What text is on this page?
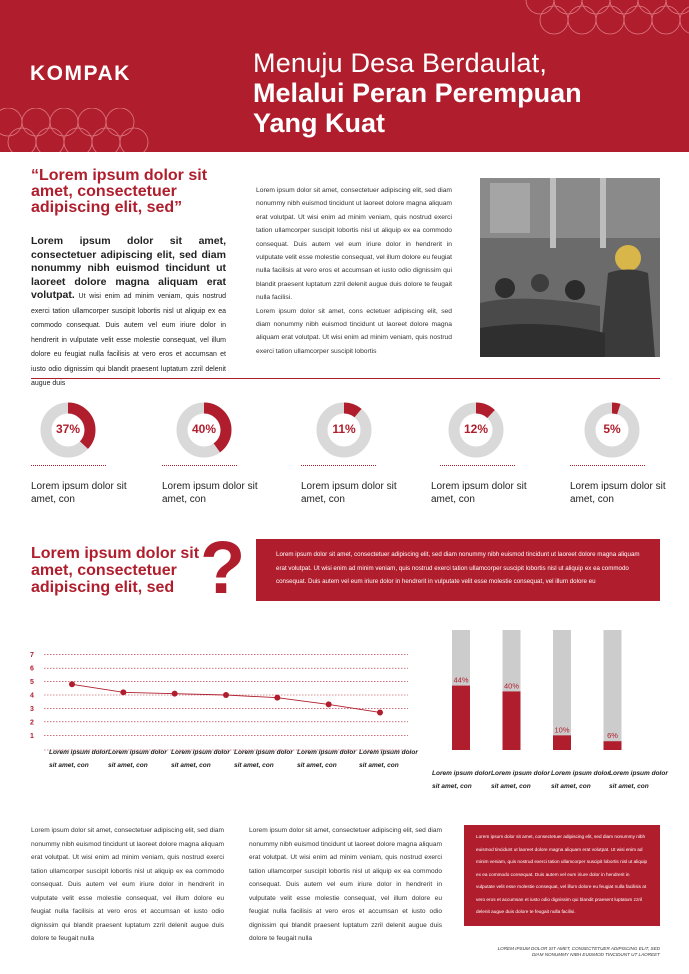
KOMPAK	Menuju Desa Berdaulat,
Melalui Peran Perempuan
Yang Kuat
“Lorem ipsum dolor sit amet, consectetuer adipiscing elit, sed”
Lorem ipsum dolor sit amet, consectetuer adipiscing elit, sed diam nonummy nibh euismod tincidunt ut laoreet dolore magna aliquam erat volutpat. Ut wisi enim ad minim veniam, quis nostrud exerci tation ullamcorper suscipit lobortis nisl ut aliquip ex ea commodo consequat. Duis autem vel eum iriure dolor in hendrerit in vulputate velit esse molestie consequat, vel illum dolore eu feugiat nulla facilisis at vero eros et accumsan et iusto odio dignissim qui blandit praesent luptatum zzril delenit augue duis

Lorem ipsum dolor sit amet, consectetuer adipiscing elit, sed diam nonummy nibh euismod tincidunt ut laoreet dolore magna aliquam erat volutpat. Ut wisi enim ad minim veniam, quis nostrud exerci tation ullamcorper suscipit lobortis nisl ut aliquip ex ea commodo consequat. Duis autem vel eum iriure dolor in hendrerit in vulputate velit esse molestie consequat, vel illum dolore eu feugiat nulla facilisis at vero eros et accumsan et iusto odio dignissim qui blandit praesent luptatum zzril delenit augue duis dolore te feugait nulla facilisi.

Lorem ipsum dolor sit amet, cons ectetuer adipiscing elit, sed diam nonummy nibh euismod tincidunt ut laoreet dolore magna aliquam erat volutpat. Ut wisi enim ad minim veniam, quis nostrud exerci tation ullamcorper suscipit lobortis

37%
Lorem ipsum dolor sit amet, con
40%
Lorem ipsum dolor sit amet, con
11%
Lorem ipsum dolor sit amet, con
12%
Lorem ipsum dolor sit amet, con
5%
Lorem ipsum dolor sit amet, con
Lorem ipsum dolor sit amet, consectetuer adipiscing elit, sed ?	Lorem ipsum dolor sit amet, consectetuer adipiscing elit, sed diam nonummy nibh euismod tincidunt ut laoreet dolore magna aliquam erat volutpat. Ut wisi enim ad minim veniam, quis nostrud exerci tation ullamcorper suscipit lobortis nisl ut aliquip ex ea commodo consequat. Duis autem vel eum iriure dolor in hendrerit in vulputate velit esse molestie consequat, vel illum dolore eu
1
2
3
4
5
6
7
Lorem ipsum dolor sit amet, con
Lorem ipsum dolor sit amet, con
Lorem ipsum dolor sit amet, con
Lorem ipsum dolor sit amet, con
Lorem ipsum dolor sit amet, con
Lorem ipsum dolor sit amet, con
44%
40%
10%
6%
Lorem ipsum dolor sit amet, con
Lorem ipsum dolor sit amet, con
Lorem ipsum dolor sit amet, con
Lorem ipsum dolor sit amet, con
Lorem ipsum dolor sit amet, consectetuer adipiscing elit, sed diam nonummy nibh euismod tincidunt ut laoreet dolore magna aliquam erat volutpat. Ut wisi enim ad minim veniam, quis nostrud exerci tation ullamcorper suscipit lobortis nisl ut aliquip ex ea commodo consequat. Duis autem vel eum iriure dolor in hendrerit in vulputate velit esse molestie consequat, vel illum dolore eu feugiat nulla facilisis at vero eros et accumsan et iusto odio dignissim qui blandit praesent luptatum zzril delenit augue duis dolore te feugait nulla
Lorem ipsum dolor sit amet, consectetuer adipiscing elit, sed diam nonummy nibh euismod tincidunt ut laoreet dolore magna aliquam erat volutpat. Ut wisi enim ad minim veniam, quis nostrud exerci tation ullamcorper suscipit lobortis nisl ut aliquip ex ea commodo consequat. Duis autem vel eum iriure dolor in hendrerit in vulputate velit esse molestie consequat, vel illum dolore eu feugiat nulla facilisis at vero eros et accumsan et iusto odio dignissim qui blandit praesent luptatum zzril delenit augue duis dolore te feugait nulla
Lorem ipsum dolor sit amet, consectetuer adipiscing elit, sed diam nonummy nibh euismod tincidunt ut laoreet dolore magna aliquam erat volutpat. Ut wisi enim ad minim veniam, quis nostrud exerci tation ullamcorper suscipit lobortis nisl ut aliquip ex ea commodo consequat. Duis autem vel eum iriure dolor in hendrerit in vulputate velit esse molestie consequat, vel illum dolore eu feugiat nulla facilisis at vero eros et accumsan et iusto odio dignissim qui blandit praesent luptatum zzril delenit augue duis dolore te feugait nulla facilisi.
LOREM IPSUM DOLOR SIT AMET, CONSECTETUER ADIPISCING ELIT, SED DIAM NONUMMY NIBH EUISMOD TINCIDUNT UT LAOREET
